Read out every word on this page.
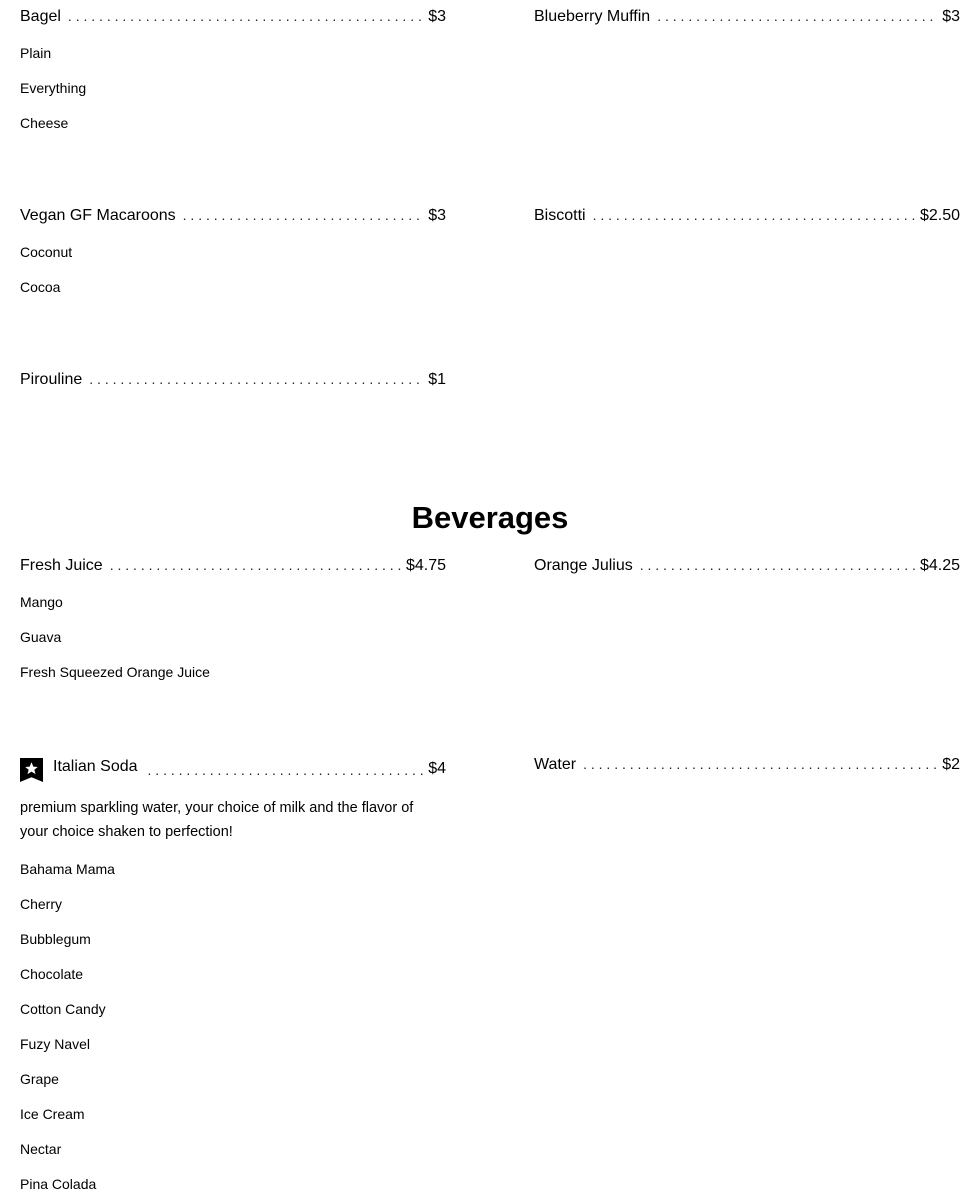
Bagel . . .	$3
Plain
Everything
Cheese
Blueberry Muffin . . .	$3
Vegan GF Macaroons . . .	$3
Coconut
Cocoa
Biscotti . . .	$2.50
Pirouline . . .	$1
Beverages
Fresh Juice . . .	$4.75
Mango
Guava
Fresh Squeezed Orange Juice
Orange Julius . . .	$4.25
Italian Soda . . .	$4
premium sparkling water, your choice of milk and the flavor of your choice shaken to perfection!
Bahama Mama
Cherry
Bubblegum
Chocolate
Cotton Candy
Fuzy Navel
Grape
Ice Cream
Nectar
Pina Colada
Water . . .	$2
